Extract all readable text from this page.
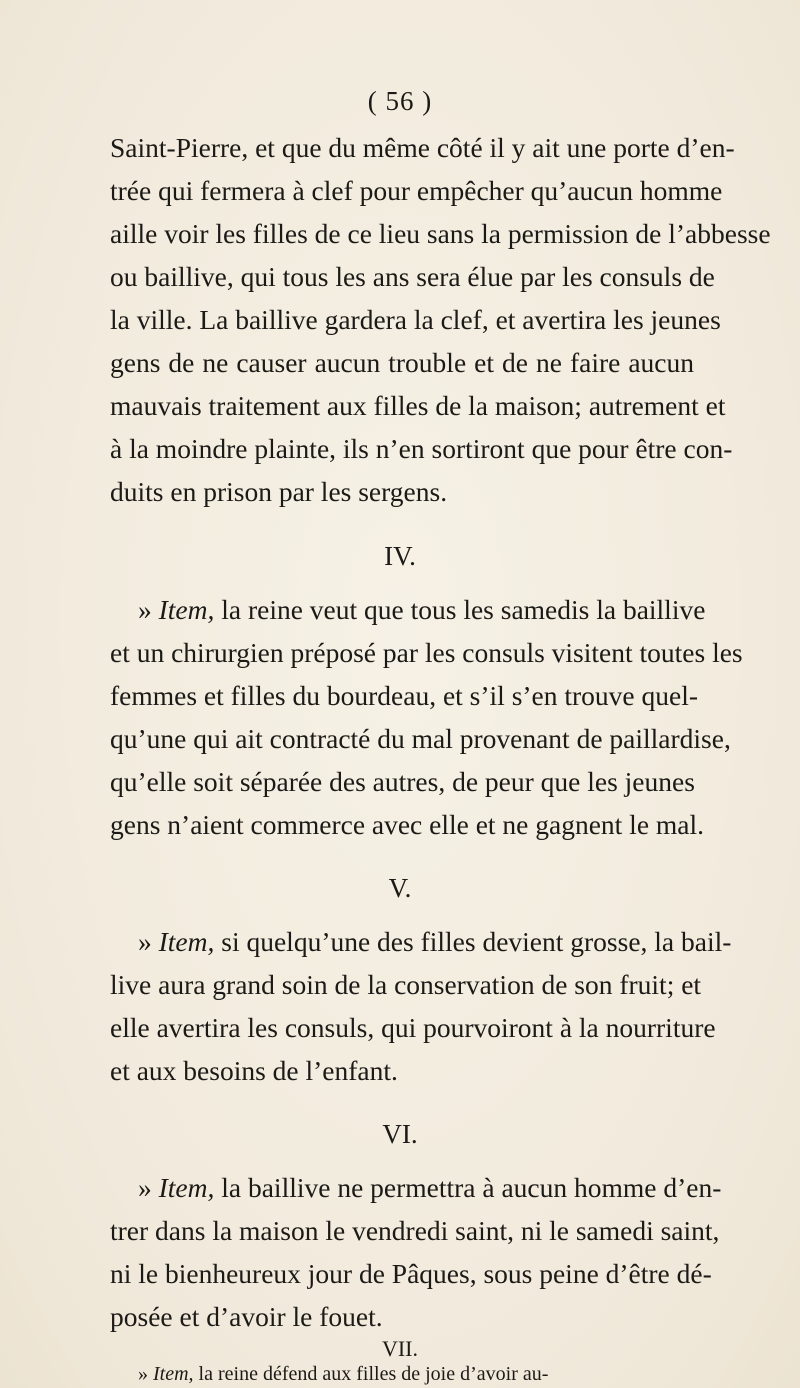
( 56 )
Saint-Pierre, et que du même côté il y ait une porte d’en-
trée qui fermera à clef pour empêcher qu’aucun homme
aille voir les filles de ce lieu sans la permission de l’abbesse
ou baillive, qui tous les ans sera élue par les consuls de
la ville. La baillive gardera la clef, et avertira les jeunes
gens de ne causer aucun trouble et de ne faire aucun
mauvais traitement aux filles de la maison; autrement et
à la moindre plainte, ils n’en sortiront que pour être con-
duits en prison par les sergens.
IV.
» Item, la reine veut que tous les samedis la baillive
et un chirurgien préposé par les consuls visitent toutes les
femmes et filles du bourdeau, et s’il s’en trouve quel-
qu’une qui ait contracté du mal provenant de paillardise,
qu’elle soit séparée des autres, de peur que les jeunes
gens n’aient commerce avec elle et ne gagnent le mal.
V.
» Item, si quelqu’une des filles devient grosse, la bail-
live aura grand soin de la conservation de son fruit; et
elle avertira les consuls, qui pourvoiront à la nourriture
et aux besoins de l’enfant.
VI.
» Item, la baillive ne permettra à aucun homme d’en-
trer dans la maison le vendredi saint, ni le samedi saint,
ni le bienheureux jour de Pâques, sous peine d’être dé-
posée et d’avoir le fouet.
VII.
» Item, la reine défend aux filles de joie d’avoir au-
